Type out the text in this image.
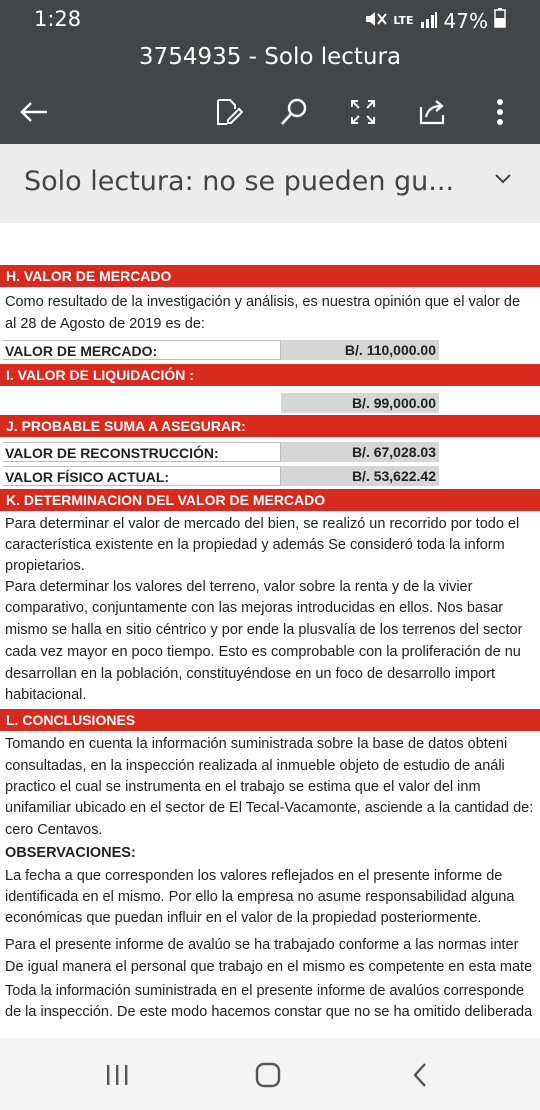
1:28	LTE 47%
3754935 - Solo lectura
Solo lectura: no se pueden gu...
H. VALOR DE MERCADO
Como resultado de la investigación y análisis, es nuestra opinión que el valor de
al 28 de Agosto de 2019 es de:
VALOR DE MERCADO:	B/. 110,000.00
I. VALOR DE LIQUIDACIÓN :
B/. 99,000.00
J. PROBABLE SUMA A ASEGURAR:
VALOR DE RECONSTRUCCIÓN:	B/. 67,028.03
VALOR FÍSICO ACTUAL:	B/. 53,622.42
K. DETERMINACION DEL VALOR DE MERCADO
Para determinar el valor de mercado del bien, se realizó un recorrido por todo el
característica existente en la propiedad y además Se consideró toda la inform
propietarios.
Para determinar los valores del terreno, valor sobre la renta y de la vivier
comparativo, conjuntamente con las mejoras introducidas en ellos. Nos basar
mismo se halla en sitio céntrico y por ende la plusvalía de los terrenos del sector
cada vez mayor en poco tiempo. Esto es comprobable con la proliferación de nu
desarrollan en la población, constituyéndose en un foco de desarrollo import
habitacional.
L. CONCLUSIONES
Tomando en cuenta la información suministrada sobre la base de datos obteni
consultadas, en la inspección realizada al inmueble objeto de estudio de análi
practico el cual se instrumenta en el trabajo se estima que el valor del inm
unifamiliar ubicado en el sector de El Tecal-Vacamonte, asciende a la cantidad de:
cero Centavos.
OBSERVACIONES:
La fecha a que corresponden los valores reflejados en el presente informe de
identificada en el mismo. Por ello la empresa no asume responsabilidad alguna
económicas que puedan influir en el valor de la propiedad posteriormente.
Para el presente informe de avalúo se ha trabajado conforme a las normas inter
De igual manera el personal que trabajo en el mismo es competente en esta mate
Toda la información suministrada en el presente informe de avalúos corresponde
de la inspección. De este modo hacemos constar que no se ha omitido deliberada
